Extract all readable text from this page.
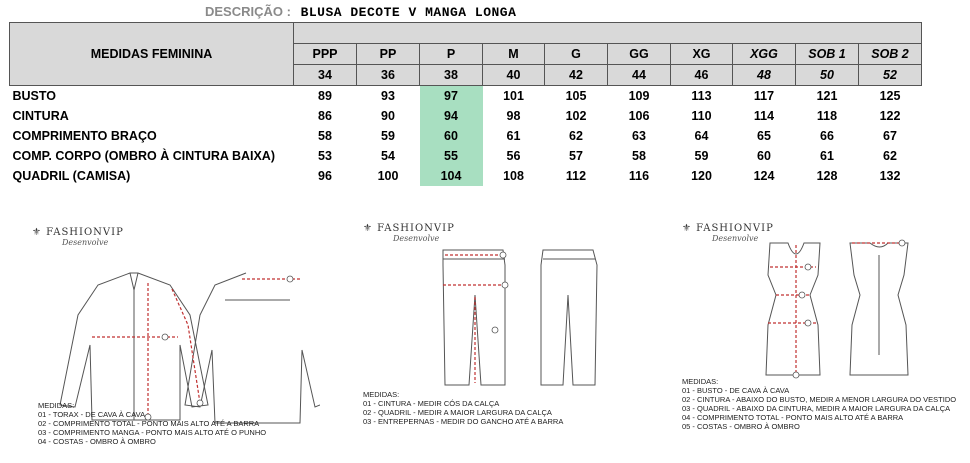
DESCRIÇÃO : BLUSA DECOTE V MANGA LONGA
MEDIDAS FEMININA										
	PPP	PP	P	M	G	GG	XG	XGG	SOB 1	SOB 2
	34	36	38	40	42	44	46	48	50	52
BUSTO	89	93	97	101	105	109	113	117	121	125
CINTURA	86	90	94	98	102	106	110	114	118	122
COMPRIMENTO BRAÇO	58	59	60	61	62	63	64	65	66	67
COMP. CORPO (OMBRO À CINTURA BAIXA)	53	54	55	56	57	58	59	60	61	62
QUADRIL (CAMISA)	96	100	104	108	112	116	120	124	128	132
⚜ FASHIONVIP
Desenvolve
MEDIDAS:
01 - TORAX - DE CAVA À CAVA
02 - COMPRIMENTO TOTAL - PONTO MAIS ALTO ATÉ A BARRA
03 - COMPRIMENTO MANGA - PONTO MAIS ALTO ATÉ O PUNHO
04 - COSTAS - OMBRO À OMBRO
⚜ FASHIONVIP
Desenvolve
MEDIDAS:
01 - CINTURA - MEDIR CÓS DA CALÇA
02 - QUADRIL - MEDIR A MAIOR LARGURA DA CALÇA
03 - ENTREPERNAS - MEDIR DO GANCHO ATÉ A BARRA
⚜ FASHIONVIP
Desenvolve
MEDIDAS:
01 - BUSTO - DE CAVA À CAVA
02 - CINTURA - ABAIXO DO BUSTO, MEDIR A MENOR LARGURA DO VESTIDO
03 - QUADRIL - ABAIXO DA CINTURA, MEDIR A MAIOR LARGURA DA CALÇA
04 - COMPRIMENTO TOTAL - PONTO MAIS ALTO ATÉ A BARRA
05 - COSTAS - OMBRO À OMBRO
